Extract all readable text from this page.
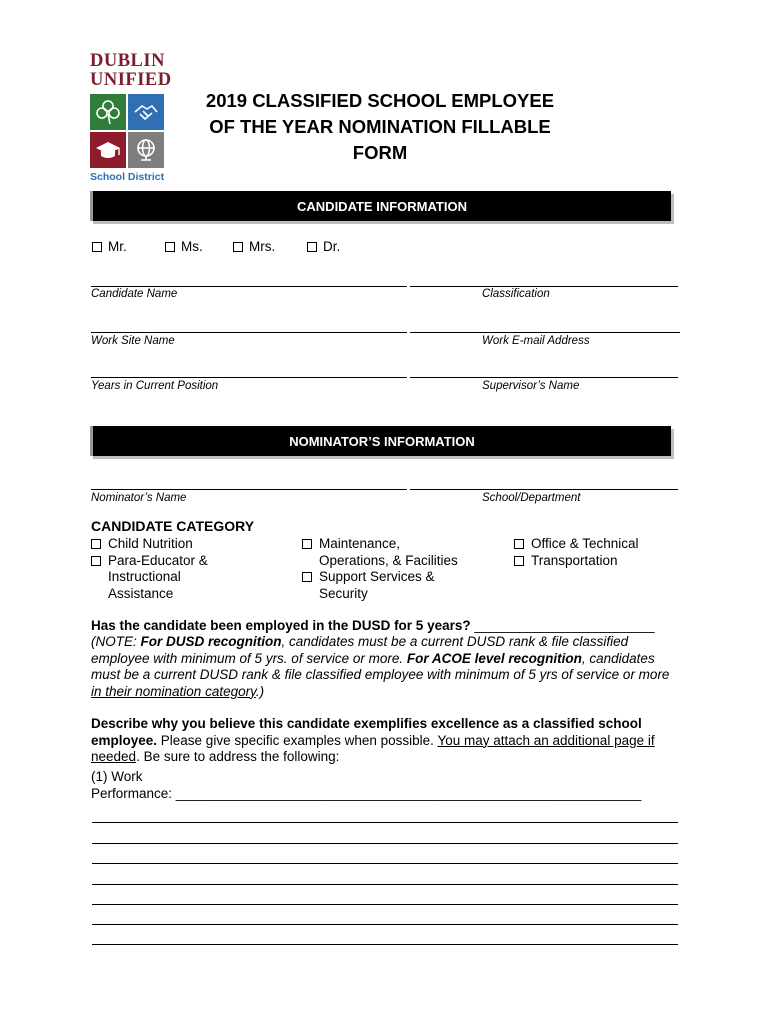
DUBLIN
UNIFIED
School District
2019 CLASSIFIED SCHOOL EMPLOYEE
OF THE YEAR NOMINATION FILLABLE
FORM
CANDIDATE INFORMATION
Mr.	Ms.	Mrs.	Dr.
Candidate Name	Classification
Work Site Name	Work E-mail Address
Years in Current Position	Supervisor’s Name
NOMINATOR’S INFORMATION
Nominator’s Name	School/Department
CANDIDATE CATEGORY
Child Nutrition
Para-Educator &
Instructional
Assistance
Maintenance,
Operations, & Facilities
Support Services &
Security
Office & Technical
Transportation
Has the candidate been employed in the DUSD for 5 years? ________________________
(NOTE: For DUSD recognition, candidates must be a current DUSD rank & file classified employee with minimum of 5 yrs. of service or more. For ACOE level recognition, candidates must be a current DUSD rank & file classified employee with minimum of 5 yrs of service or more in their nomination category.)
Describe why you believe this candidate exemplifies excellence as a classified school employee. Please give specific examples when possible. You may attach an additional page if needed. Be sure to address the following:
(1) Work
Performance: ______________________________________________________________
